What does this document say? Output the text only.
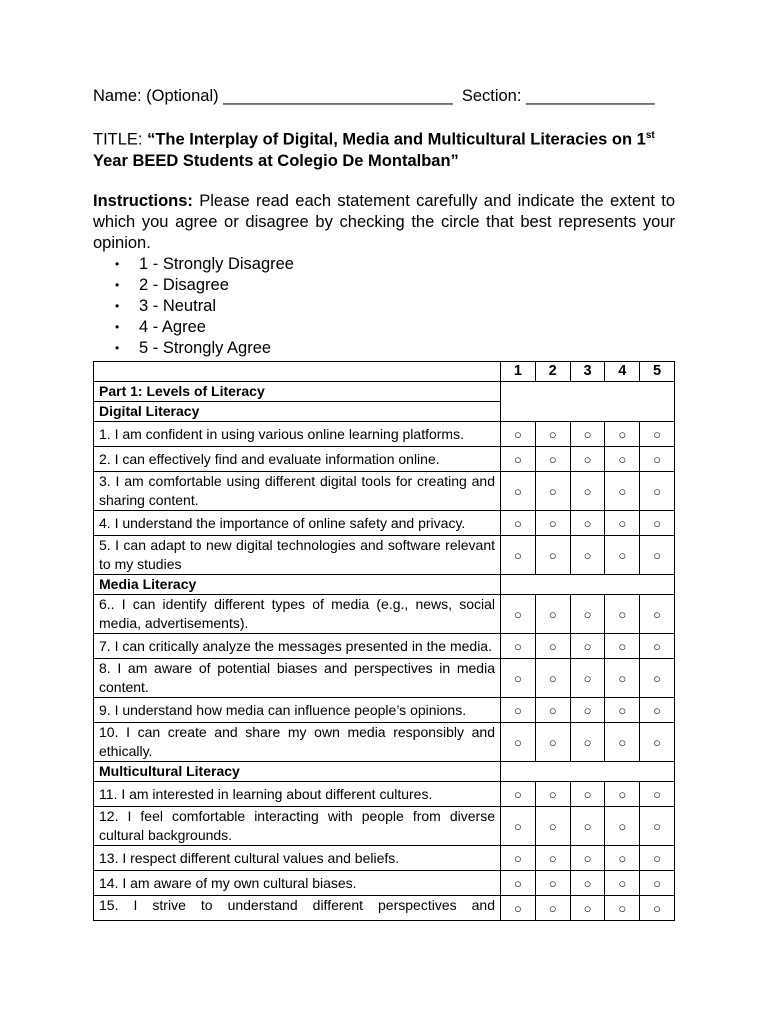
Name: (Optional) _________________________ Section: ______________
TITLE: “The Interplay of Digital, Media and Multicultural Literacies on 1st
Year BEED Students at Colegio De Montalban”
Instructions: Please read each statement carefully and indicate the extent to which you agree or disagree by checking the circle that best represents your opinion.
• 1 - Strongly Disagree
• 2 - Disagree
• 3 - Neutral
• 4 - Agree
• 5 - Strongly Agree
	1	2	3	4	5
Part 1: Levels of Literacy					
Digital Literacy					
1. I am confident in using various online learning platforms.	○	○	○	○	○
2. I can effectively find and evaluate information online.	○	○	○	○	○
3. I am comfortable using different digital tools for creating and sharing content.	○	○	○	○	○
4. I understand the importance of online safety and privacy.	○	○	○	○	○
5. I can adapt to new digital technologies and software relevant to my studies	○	○	○	○	○
Media Literacy					
6.. I can identify different types of media (e.g., news, social media, advertisements).	○	○	○	○	○
7. I can critically analyze the messages presented in the media.	○	○	○	○	○
8. I am aware of potential biases and perspectives in media content.	○	○	○	○	○
9. I understand how media can influence people’s opinions.	○	○	○	○	○
10. I can create and share my own media responsibly and ethically.	○	○	○	○	○
Multicultural Literacy					
11. I am interested in learning about different cultures.	○	○	○	○	○
12. I feel comfortable interacting with people from diverse cultural backgrounds.	○	○	○	○	○
13. I respect different cultural values and beliefs.	○	○	○	○	○
14. I am aware of my own cultural biases.	○	○	○	○	○
15. I strive to understand different perspectives and	○	○	○	○	○
